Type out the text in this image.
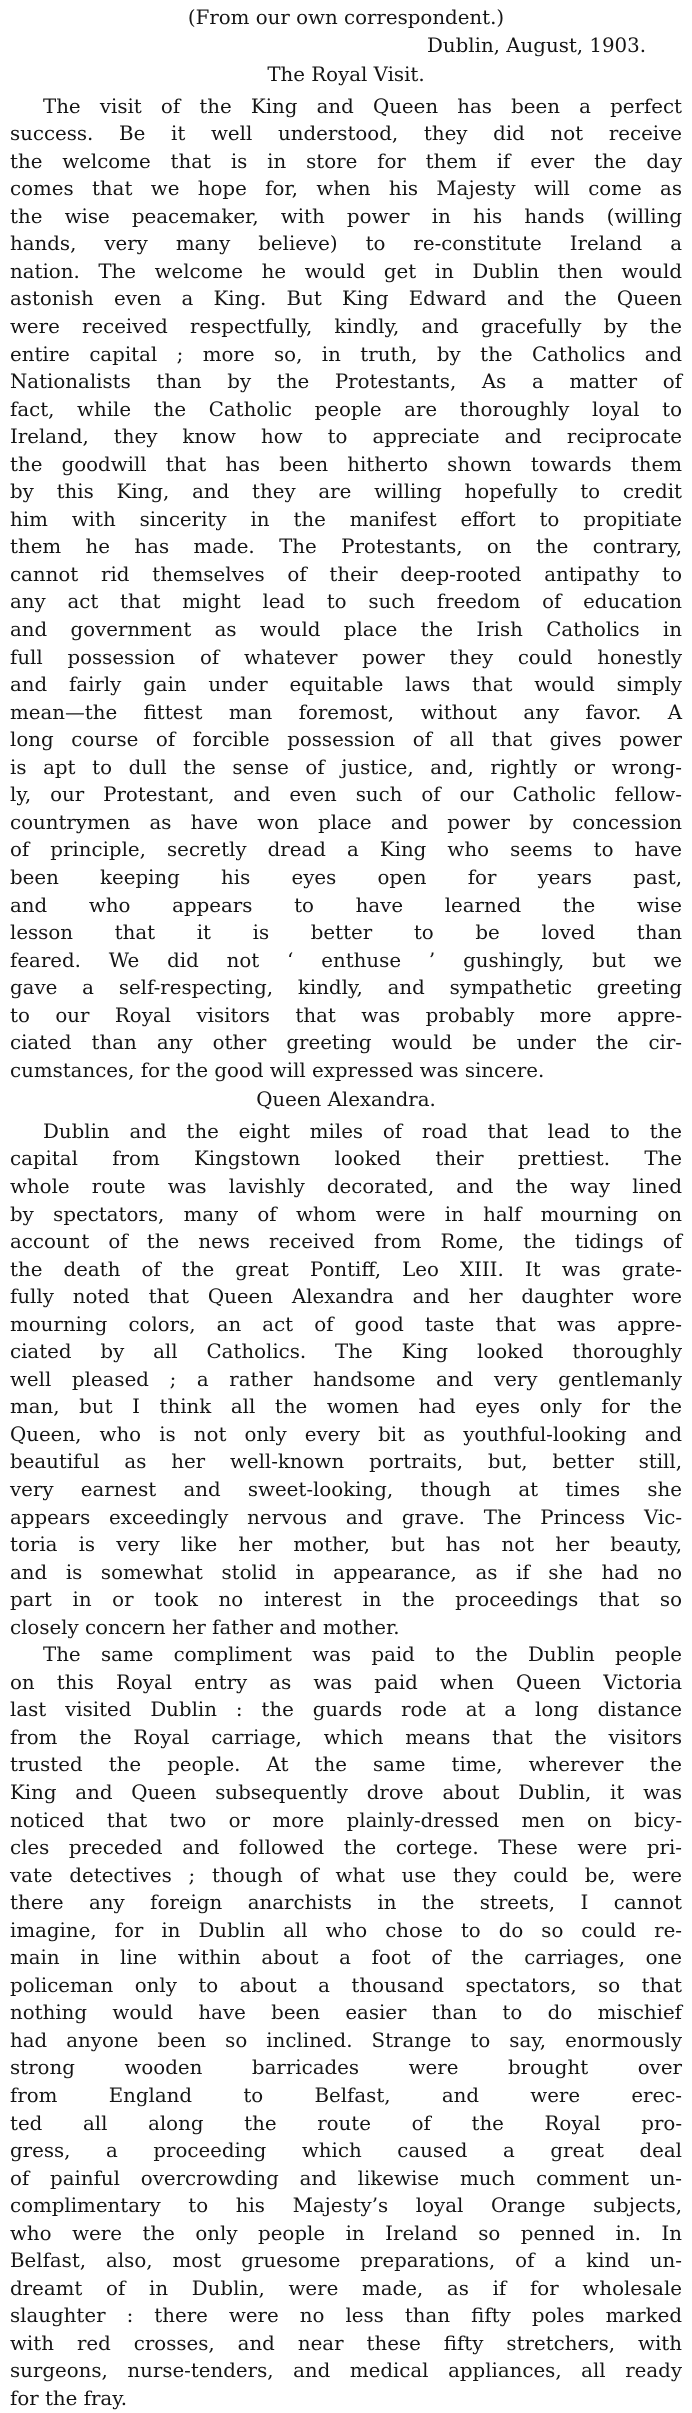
(From our own correspondent.)
Dublin, August, 1903.
The Royal Visit.
The visit of the King and Queen has been a perfect
success. Be it well understood, they did not receive
the welcome that is in store for them if ever the day
comes that we hope for, when his Majesty will come as
the wise peacemaker, with power in his hands (willing
hands, very many believe) to re-constitute Ireland a
nation. The welcome he would get in Dublin then would
astonish even a King. But King Edward and the Queen
were received respectfully, kindly, and gracefully by the
entire capital ; more so, in truth, by the Catholics and
Nationalists than by the Protestants, As a matter of
fact, while the Catholic people are thoroughly loyal to
Ireland, they know how to appreciate and reciprocate
the goodwill that has been hitherto shown towards them
by this King, and they are willing hopefully to credit
him with sincerity in the manifest effort to propitiate
them he has made. The Protestants, on the contrary,
cannot rid themselves of their deep-rooted antipathy to
any act that might lead to such freedom of education
and government as would place the Irish Catholics in
full possession of whatever power they could honestly
and fairly gain under equitable laws that would simply
mean—the fittest man foremost, without any favor. A
long course of forcible possession of all that gives power
is apt to dull the sense of justice, and, rightly or wrong-
ly, our Protestant, and even such of our Catholic fellow-
countrymen as have won place and power by concession
of principle, secretly dread a King who seems to have
been keeping his eyes open for years past,
and who appears to have learned the wise
lesson that it is better to be loved than
feared. We did not ‘ enthuse ’ gushingly, but we
gave a self-respecting, kindly, and sympathetic greeting
to our Royal visitors that was probably more appre-
ciated than any other greeting would be under the cir-
cumstances, for the good will expressed was sincere.
Queen Alexandra.
Dublin and the eight miles of road that lead to the
capital from Kingstown looked their prettiest. The
whole route was lavishly decorated, and the way lined
by spectators, many of whom were in half mourning on
account of the news received from Rome, the tidings of
the death of the great Pontiff, Leo XIII. It was grate-
fully noted that Queen Alexandra and her daughter wore
mourning colors, an act of good taste that was appre-
ciated by all Catholics. The King looked thoroughly
well pleased ; a rather handsome and very gentlemanly
man, but I think all the women had eyes only for the
Queen, who is not only every bit as youthful-looking and
beautiful as her well-known portraits, but, better still,
very earnest and sweet-looking, though at times she
appears exceedingly nervous and grave. The Princess Vic-
toria is very like her mother, but has not her beauty,
and is somewhat stolid in appearance, as if she had no
part in or took no interest in the proceedings that so
closely concern her father and mother.
The same compliment was paid to the Dublin people
on this Royal entry as was paid when Queen Victoria
last visited Dublin : the guards rode at a long distance
from the Royal carriage, which means that the visitors
trusted the people. At the same time, wherever the
King and Queen subsequently drove about Dublin, it was
noticed that two or more plainly-dressed men on bicy-
cles preceded and followed the cortege. These were pri-
vate detectives ; though of what use they could be, were
there any foreign anarchists in the streets, I cannot
imagine, for in Dublin all who chose to do so could re-
main in line within about a foot of the carriages, one
policeman only to about a thousand spectators, so that
nothing would have been easier than to do mischief
had anyone been so inclined. Strange to say, enormously
strong wooden barricades were brought over
from England to Belfast, and were erec-
ted all along the route of the Royal pro-
gress, a proceeding which caused a great deal
of painful overcrowding and likewise much comment un-
complimentary to his Majesty’s loyal Orange subjects,
who were the only people in Ireland so penned in. In
Belfast, also, most gruesome preparations, of a kind un-
dreamt of in Dublin, were made, as if for wholesale
slaughter : there were no less than fifty poles marked
with red crosses, and near these fifty stretchers, with
surgeons, nurse-tenders, and medical appliances, all ready
for the fray.
